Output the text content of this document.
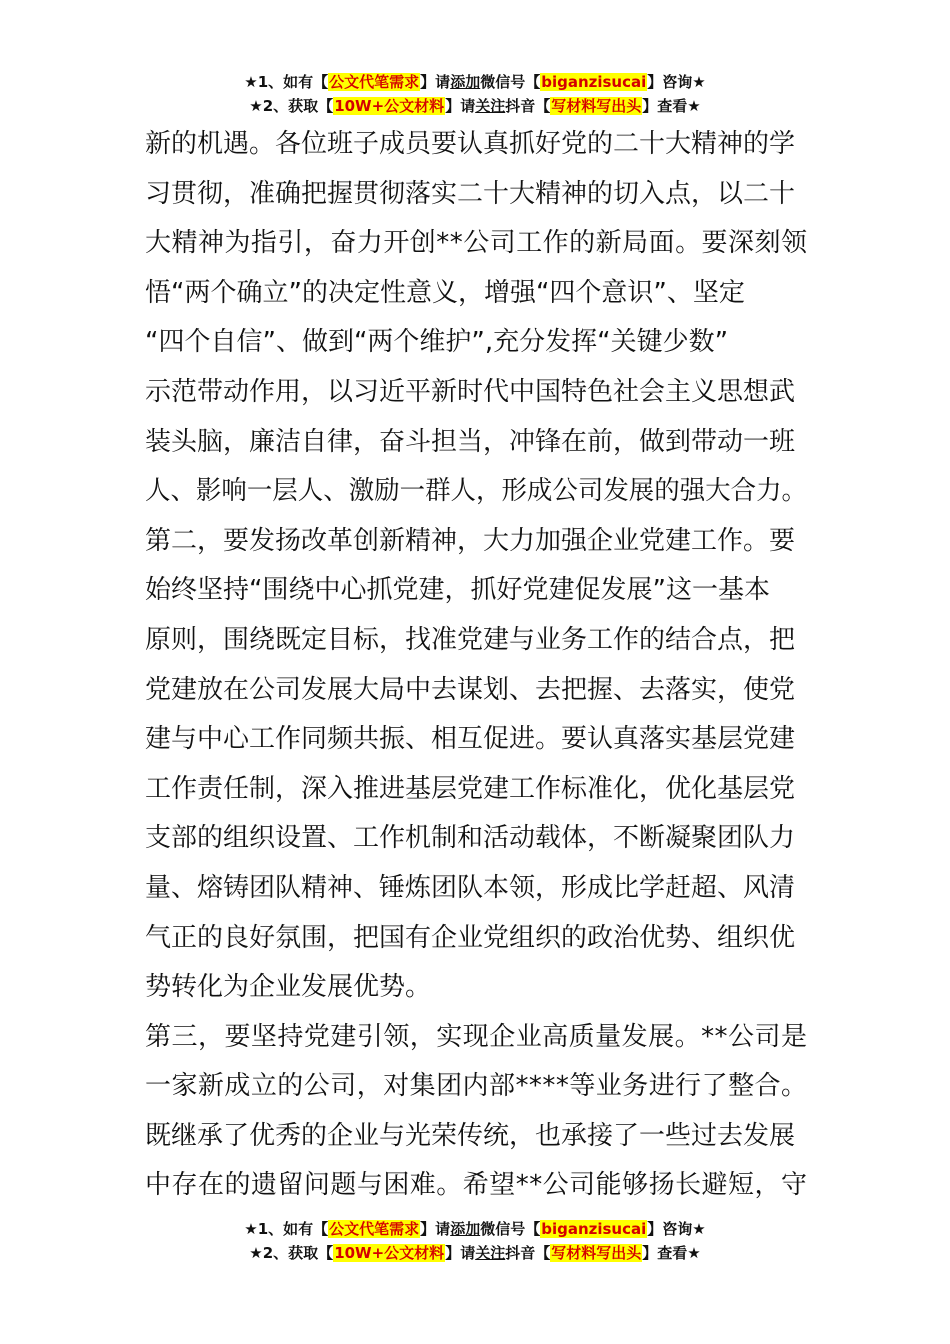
★1、如有【公文代笔需求】请添加微信号【biganzisucai】咨询★
★2、获取【10W+公文材料】请关注抖音【写材料写出头】查看★
新的机遇。各位班子成员要认真抓好党的二十大精神的学
习贯彻，准确把握贯彻落实二十大精神的切入点，以二十
大精神为指引，奋力开创**公司工作的新局面。要深刻领
悟“两个确立”的决定性意义，增强“四个意识”、坚定
“四个自信”、做到“两个维护”,充分发挥“关键少数”
示范带动作用，以习近平新时代中国特色社会主义思想武
装头脑，廉洁自律，奋斗担当，冲锋在前，做到带动一班
人、影响一层人、激励一群人，形成公司发展的强大合力。
第二，要发扬改革创新精神，大力加强企业党建工作。要
始终坚持“围绕中心抓党建，抓好党建促发展”这一基本
原则，围绕既定目标，找准党建与业务工作的结合点，把
党建放在公司发展大局中去谋划、去把握、去落实，使党
建与中心工作同频共振、相互促进。要认真落实基层党建
工作责任制，深入推进基层党建工作标准化，优化基层党
支部的组织设置、工作机制和活动载体，不断凝聚团队力
量、熔铸团队精神、锤炼团队本领，形成比学赶超、风清
气正的良好氛围，把国有企业党组织的政治优势、组织优
势转化为企业发展优势。
第三，要坚持党建引领，实现企业高质量发展。**公司是
一家新成立的公司，对集团内部****等业务进行了整合。
既继承了优秀的企业与光荣传统，也承接了一些过去发展
中存在的遗留问题与困难。希望**公司能够扬长避短，守
★1、如有【公文代笔需求】请添加微信号【biganzisucai】咨询★
★2、获取【10W+公文材料】请关注抖音【写材料写出头】查看★
